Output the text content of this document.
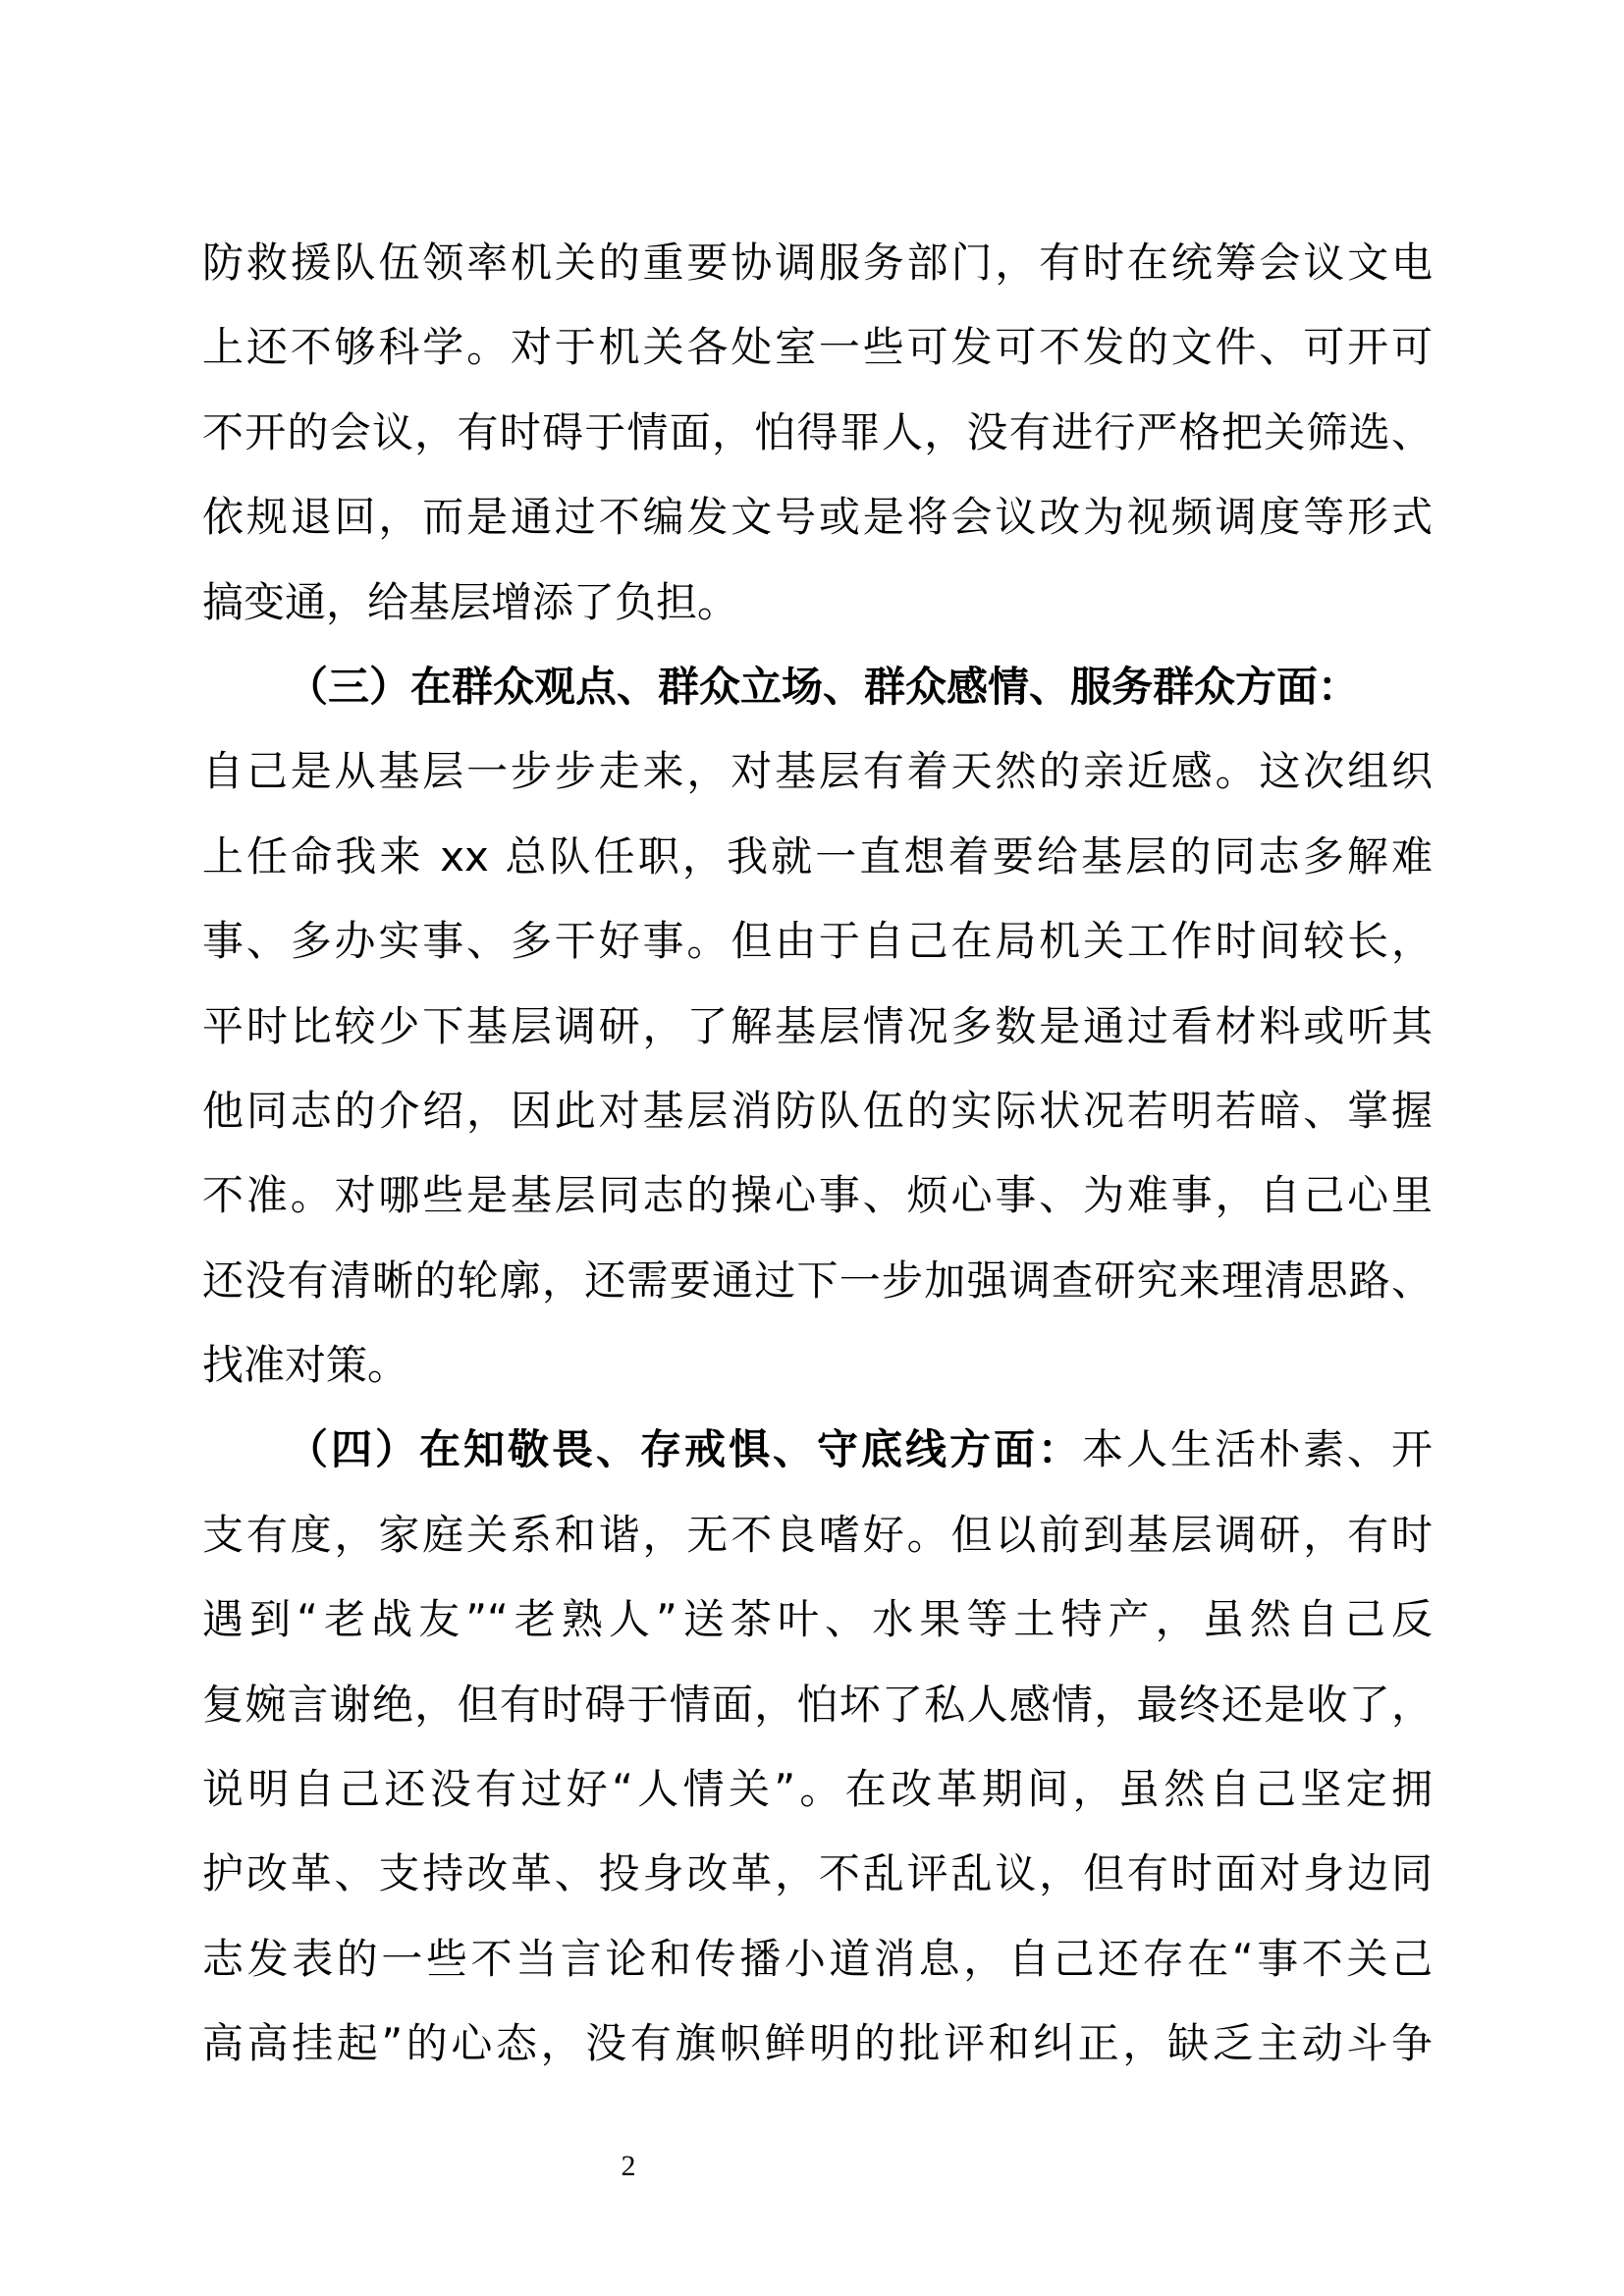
防救援队伍领率机关的重要协调服务部门，有时在统筹会议文电
上还不够科学。对于机关各处室一些可发可不发的文件、可开可
不开的会议，有时碍于情面，怕得罪人，没有进行严格把关筛选、
依规退回，而是通过不编发文号或是将会议改为视频调度等形式
搞变通，给基层增添了负担。
（三）在群众观点、群众立场、群众感情、服务群众方面：
自己是从基层一步步走来，对基层有着天然的亲近感。这次组织
上任命我来 xx 总队任职，我就一直想着要给基层的同志多解难
事、多办实事、多干好事。但由于自己在局机关工作时间较长，
平时比较少下基层调研，了解基层情况多数是通过看材料或听其
他同志的介绍，因此对基层消防队伍的实际状况若明若暗、掌握
不准。对哪些是基层同志的操心事、烦心事、为难事，自己心里
还没有清晰的轮廓，还需要通过下一步加强调查研究来理清思路、
找准对策。
（四）在知敬畏、存戒惧、守底线方面：本人生活朴素、开
支有度，家庭关系和谐，无不良嗜好。但以前到基层调研，有时
遇到“老战友”“老熟人”送茶叶、水果等土特产，虽然自己反
复婉言谢绝，但有时碍于情面，怕坏了私人感情，最终还是收了，
说明自己还没有过好“人情关”。在改革期间，虽然自己坚定拥
护改革、支持改革、投身改革，不乱评乱议，但有时面对身边同
志发表的一些不当言论和传播小道消息，自己还存在“事不关己
高高挂起”的心态，没有旗帜鲜明的批评和纠正，缺乏主动斗争
2
